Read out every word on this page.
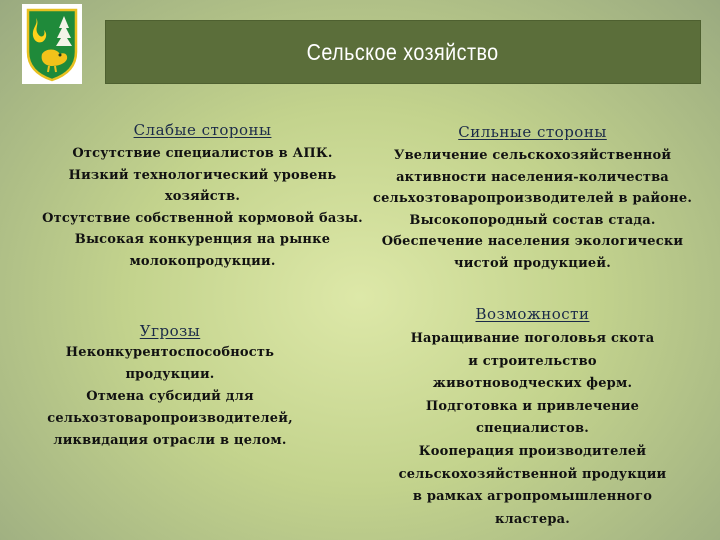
Сельское хозяйство
Слабые стороны
Отсутствие специалистов в АПК.
Низкий технологический уровень
хозяйств.
Отсутствие собственной кормовой базы.
Высокая конкуренция на рынке
молокопродукции.
Сильные стороны
Увеличение сельскохозяйственной
активности населения-количества
сельхозтоваропроизводителей в районе.
Высокопородный состав стада.
Обеспечение населения экологически
чистой продукцией.
Угрозы
Неконкурентоспособность
продукции.
Отмена субсидий для
сельхозтоваропроизводителей,
ликвидация отрасли в целом.
Возможности
Наращивание поголовья скота
и строительство
животноводческих ферм.
Подготовка и привлечение
специалистов.
Кооперация производителей
сельскохозяйственной продукции
в рамках агропромышленного
кластера.
